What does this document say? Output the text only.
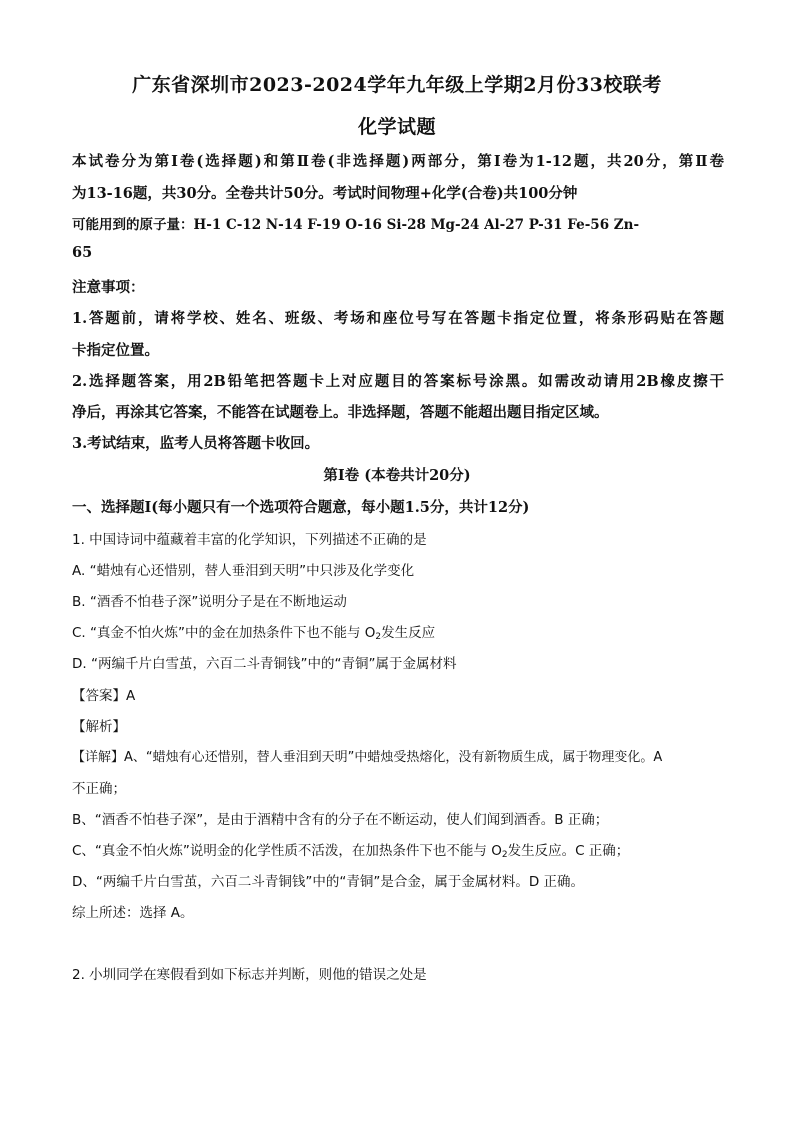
广东省深圳市2023-2024学年九年级上学期2月份33校联考
化学试题
本试卷分为第Ⅰ卷(选择题)和第Ⅱ卷(非选择题)两部分，第Ⅰ卷为1-12题，共20分，第Ⅱ卷
为13-16题，共30分。全卷共计50分。考试时间物理+化学(合卷)共100分钟
可能用到的原子量：H-1 C-12 N-14 F-19 O-16 Si-28 Mg-24 Al-27 P-31 Fe-56 Zn-
65
注意事项：
1.答题前，请将学校、姓名、班级、考场和座位号写在答题卡指定位置，将条形码贴在答题
卡指定位置。
2.选择题答案，用2B铅笔把答题卡上对应题目的答案标号涂黑。如需改动请用2B橡皮擦干
净后，再涂其它答案，不能答在试题卷上。非选择题，答题不能超出题目指定区域。
3.考试结束，监考人员将答题卡收回。
第Ⅰ卷 (本卷共计20分)
一、选择题Ⅰ(每小题只有一个选项符合题意，每小题1.5分，共计12分)
1. 中国诗词中蕴藏着丰富的化学知识，下列描述不正确的是
A. “蜡烛有心还惜别，替人垂泪到天明”中只涉及化学变化
B. “酒香不怕巷子深”说明分子是在不断地运动
C. “真金不怕火炼”中的金在加热条件下也不能与 $O_2$发生反应
D. “两编千片白雪茧，六百二斗青铜钱”中的“青铜”属于金属材料
【答案】A
【解析】
【详解】A、“蜡烛有心还惜别，替人垂泪到天明”中蜡烛受热熔化，没有新物质生成，属于物理变化。A
不正确；
B、“酒香不怕巷子深”，是由于酒精中含有的分子在不断运动，使人们闻到酒香。B 正确；
C、“真金不怕火炼”说明金的化学性质不活泼，在加热条件下也不能与 $O_2$发生反应。C 正确；
D、“两编千片白雪茧，六百二斗青铜钱”中的“青铜”是合金，属于金属材料。D 正确。
综上所述：选择 A。
2. 小圳同学在寒假看到如下标志并判断，则他的错误之处是
